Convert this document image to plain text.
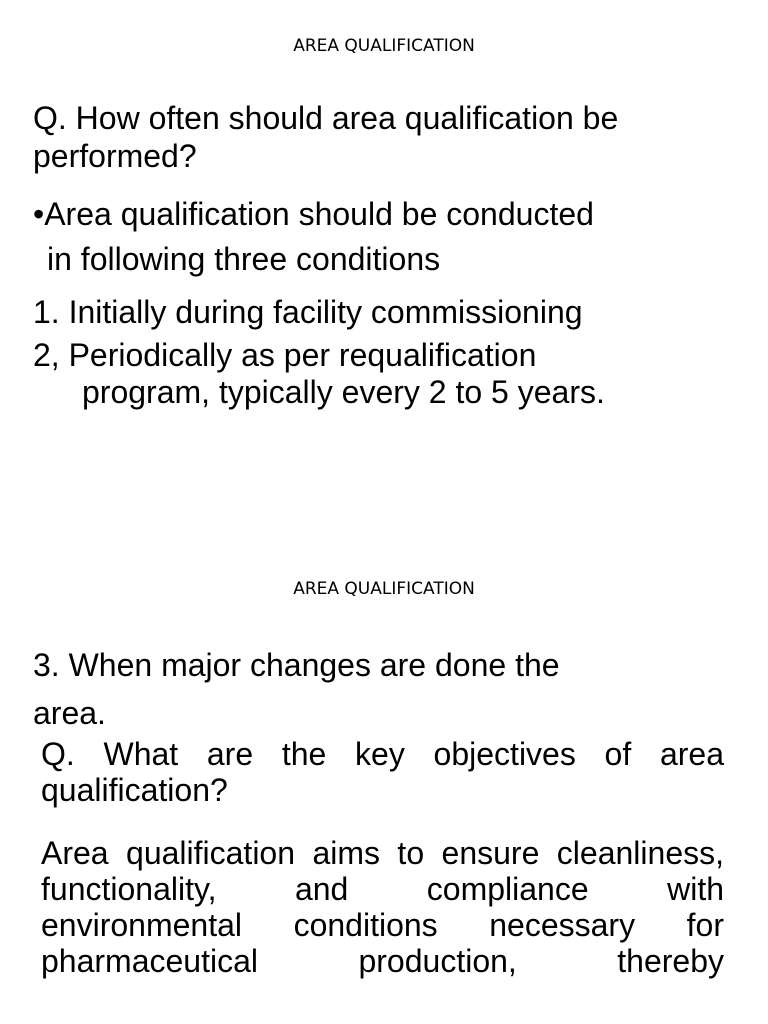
AREA QUALIFICATION
Q. How often should area qualification be
performed?
•Area qualification should be conducted
in following three conditions
1. Initially during facility commissioning
2, Periodically as per requalification
program, typically every 2 to 5 years.
AREA QUALIFICATION
3. When major changes are done the
area.
Q. What are the key objectives of area qualification?
Area qualification aims to ensure cleanliness, functionality, and compliance with environmental conditions necessary for pharmaceutical production, thereby
